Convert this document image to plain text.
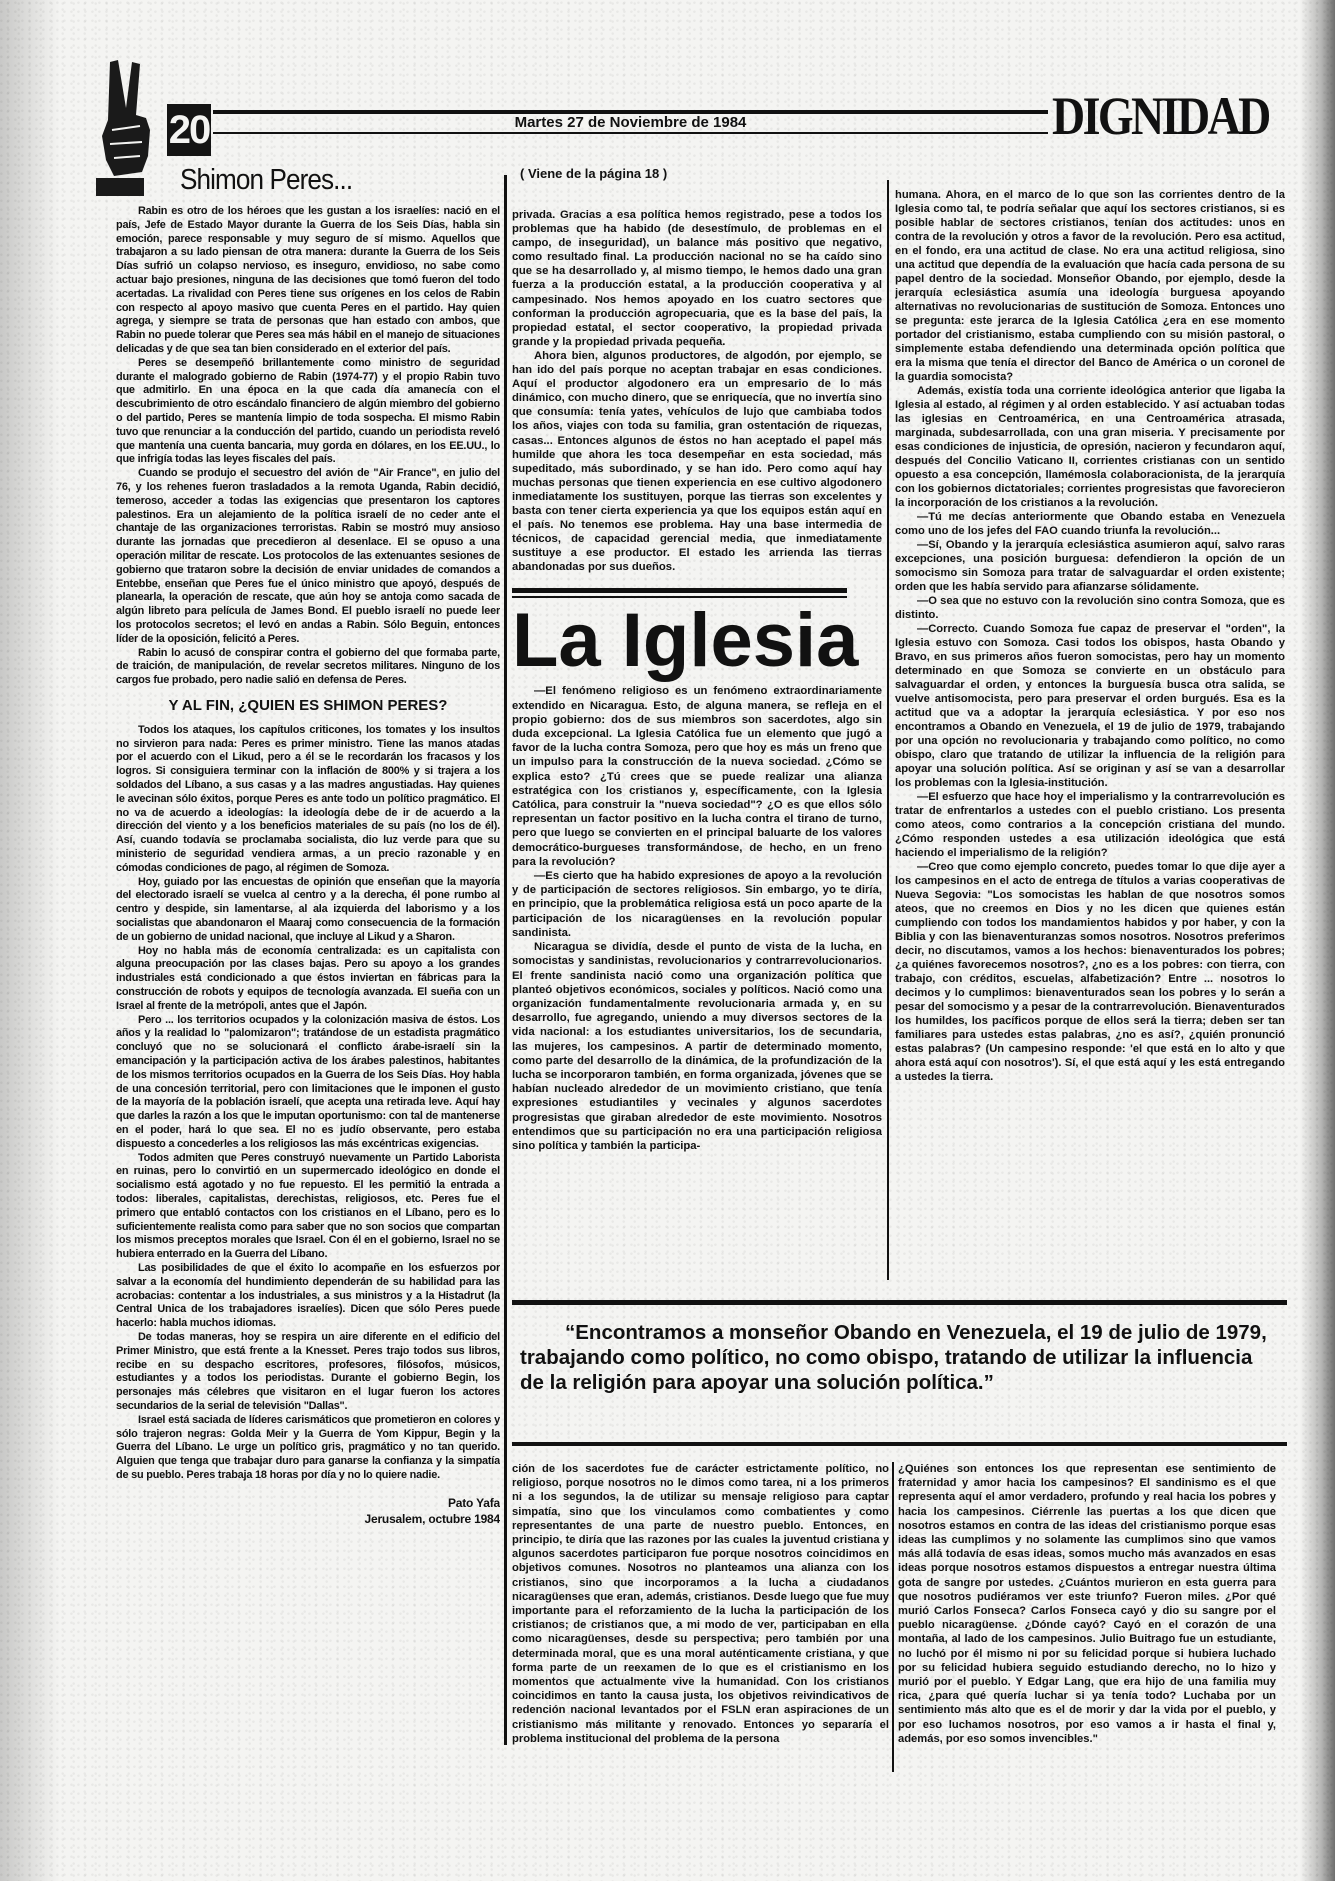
20	Martes 27 de Noviembre de 1984	DIGNIDAD
Shimon Peres...

Rabin es otro de los héroes que les gustan a los israelíes: nació en el país, Jefe de Estado Mayor durante la Guerra de los Seis Días, habla sin emoción, parece responsable y muy seguro de sí mismo. Aquellos que trabajaron a su lado piensan de otra manera: durante la Guerra de los Seis Días sufrió un colapso nervioso, es inseguro, envidioso, no sabe como actuar bajo presiones, ninguna de las decisiones que tomó fueron del todo acertadas. La rivalidad con Peres tiene sus orígenes en los celos de Rabin con respecto al apoyo masivo que cuenta Peres en el partido. Hay quien agrega, y siempre se trata de personas que han estado con ambos, que Rabin no puede tolerar que Peres sea más hábil en el manejo de situaciones delicadas y de que sea tan bien considerado en el exterior del país.

Peres se desempeñó brillantemente como ministro de seguridad durante el malogrado gobierno de Rabin (1974-77) y el propio Rabin tuvo que admitirlo. En una época en la que cada día amanecía con el descubrimiento de otro escándalo financiero de algún miembro del gobierno o del partido, Peres se mantenía limpio de toda sospecha. El mismo Rabin tuvo que renunciar a la conducción del partido, cuando un periodista reveló que mantenía una cuenta bancaria, muy gorda en dólares, en los EE.UU., lo que infrigía todas las leyes fiscales del país.

Cuando se produjo el secuestro del avión de "Air France", en julio del 76, y los rehenes fueron trasladados a la remota Uganda, Rabin decidió, temeroso, acceder a todas las exigencias que presentaron los captores palestinos. Era un alejamiento de la política israelí de no ceder ante el chantaje de las organizaciones terroristas. Rabin se mostró muy ansioso durante las jornadas que precedieron al desenlace. El se opuso a una operación militar de rescate. Los protocolos de las extenuantes sesiones de gobierno que trataron sobre la decisión de enviar unidades de comandos a Entebbe, enseñan que Peres fue el único ministro que apoyó, después de planearla, la operación de rescate, que aún hoy se antoja como sacada de algún libreto para película de James Bond. El pueblo israelí no puede leer los protocolos secretos; el levó en andas a Rabin. Sólo Beguin, entonces líder de la oposición, felicitó a Peres.

Rabin lo acusó de conspirar contra el gobierno del que formaba parte, de traición, de manipulación, de revelar secretos militares. Ninguno de los cargos fue probado, pero nadie salió en defensa de Peres.

Y AL FIN, ¿QUIEN ES SHIMON PERES?

Todos los ataques, los capítulos criticones, los tomates y los insultos no sirvieron para nada: Peres es primer ministro. Tiene las manos atadas por el acuerdo con el Likud, pero a él se le recordarán los fracasos y los logros. Si consiguiera terminar con la inflación de 800% y si trajera a los soldados del Líbano, a sus casas y a las madres angustiadas. Hay quienes le avecinan sólo éxitos, porque Peres es ante todo un político pragmático. El no va de acuerdo a ideologías: la ideología debe de ir de acuerdo a la dirección del viento y a los beneficios materiales de su país (no los de él). Así, cuando todavía se proclamaba socialista, dio luz verde para que su ministerio de seguridad vendiera armas, a un precio razonable y en cómodas condiciones de pago, al régimen de Somoza.

Hoy, guiado por las encuestas de opinión que enseñan que la mayoría del electorado israelí se vuelca al centro y a la derecha, él pone rumbo al centro y despide, sin lamentarse, al ala izquierda del laborismo y a los socialistas que abandonaron el Maaraj como consecuencia de la formación de un gobierno de unidad nacional, que incluye al Likud y a Sharon.

Hoy no habla más de economía centralizada: es un capitalista con alguna preocupación por las clases bajas. Pero su apoyo a los grandes industriales está condicionado a que éstos inviertan en fábricas para la construcción de robots y equipos de tecnología avanzada. El sueña con un Israel al frente de la metrópoli, antes que el Japón.

Pero ... los territorios ocupados y la colonización masiva de éstos. Los años y la realidad lo "palomizaron"; tratándose de un estadista pragmático concluyó que no se solucionará el conflicto árabe-israelí sin la emancipación y la participación activa de los árabes palestinos, habitantes de los mismos territorios ocupados en la Guerra de los Seis Días. Hoy habla de una concesión territorial, pero con limitaciones que le imponen el gusto de la mayoría de la población israelí, que acepta una retirada leve. Aquí hay que darles la razón a los que le imputan oportunismo: con tal de mantenerse en el poder, hará lo que sea. El no es judío observante, pero estaba dispuesto a concederles a los religiosos las más excéntricas exigencias.

Todos admiten que Peres construyó nuevamente un Partido Laborista en ruinas, pero lo convirtió en un supermercado ideológico en donde el socialismo está agotado y no fue repuesto. El les permitió la entrada a todos: liberales, capitalistas, derechistas, religiosos, etc. Peres fue el primero que entabló contactos con los cristianos en el Líbano, pero es lo suficientemente realista como para saber que no son socios que compartan los mismos preceptos morales que Israel. Con él en el gobierno, Israel no se hubiera enterrado en la Guerra del Líbano.

Las posibilidades de que el éxito lo acompañe en los esfuerzos por salvar a la economía del hundimiento dependerán de su habilidad para las acrobacias: contentar a los industriales, a sus ministros y a la Histadrut (la Central Unica de los trabajadores israelíes). Dicen que sólo Peres puede hacerlo: habla muchos idiomas.

De todas maneras, hoy se respira un aire diferente en el edificio del Primer Ministro, que está frente a la Knesset. Peres trajo todos sus libros, recibe en su despacho escritores, profesores, filósofos, músicos, estudiantes y a todos los periodistas. Durante el gobierno Begin, los personajes más célebres que visitaron en el lugar fueron los actores secundarios de la serial de televisión "Dallas".

Israel está saciada de líderes carismáticos que prometieron en colores y sólo trajeron negras: Golda Meir y la Guerra de Yom Kippur, Begin y la Guerra del Líbano. Le urge un político gris, pragmático y no tan querido. Alguien que tenga que trabajar duro para ganarse la confianza y la simpatía de su pueblo. Peres trabaja 18 horas por día y no lo quiere nadie.

Pato Yafa
Jerusalem, octubre 1984

( Viene de la página 18 )

privada. Gracias a esa política hemos registrado, pese a todos los problemas que ha habido (de desestímulo, de problemas en el campo, de inseguridad), un balance más positivo que negativo, como resultado final. La producción nacional no se ha caído sino que se ha desarrollado y, al mismo tiempo, le hemos dado una gran fuerza a la producción estatal, a la producción cooperativa y al campesinado. Nos hemos apoyado en los cuatro sectores que conforman la producción agropecuaria, que es la base del país, la propiedad estatal, el sector cooperativo, la propiedad privada grande y la propiedad privada pequeña.

Ahora bien, algunos productores, de algodón, por ejemplo, se han ido del país porque no aceptan trabajar en esas condiciones. Aquí el productor algodonero era un empresario de lo más dinámico, con mucho dinero, que se enriquecía, que no invertía sino que consumía: tenía yates, vehículos de lujo que cambiaba todos los años, viajes con toda su familia, gran ostentación de riquezas, casas... Entonces algunos de éstos no han aceptado el papel más humilde que ahora les toca desempeñar en esta sociedad, más supeditado, más subordinado, y se han ido. Pero como aquí hay muchas personas que tienen experiencia en ese cultivo algodonero inmediatamente los sustituyen, porque las tierras son excelentes y basta con tener cierta experiencia ya que los equipos están aquí en el país. No tenemos ese problema. Hay una base intermedia de técnicos, de capacidad gerencial media, que inmediatamente sustituye a ese productor. El estado les arrienda las tierras abandonadas por sus dueños.

La Iglesia

—El fenómeno religioso es un fenómeno extraordinariamente extendido en Nicaragua. Esto, de alguna manera, se refleja en el propio gobierno: dos de sus miembros son sacerdotes, algo sin duda excepcional. La Iglesia Católica fue un elemento que jugó a favor de la lucha contra Somoza, pero que hoy es más un freno que un impulso para la construcción de la nueva sociedad. ¿Cómo se explica esto? ¿Tú crees que se puede realizar una alianza estratégica con los cristianos y, específicamente, con la Iglesia Católica, para construir la "nueva sociedad"? ¿O es que ellos sólo representan un factor positivo en la lucha contra el tirano de turno, pero que luego se convierten en el principal baluarte de los valores democrático-burgueses transformándose, de hecho, en un freno para la revolución?

—Es cierto que ha habido expresiones de apoyo a la revolución y de participación de sectores religiosos. Sin embargo, yo te diría, en principio, que la problemática religiosa está un poco aparte de la participación de los nicaragüenses en la revolución popular sandinista.

Nicaragua se dividía, desde el punto de vista de la lucha, en somocistas y sandinistas, revolucionarios y contrarrevolucionarios. El frente sandinista nació como una organización política que planteó objetivos económicos, sociales y políticos. Nació como una organización fundamentalmente revolucionaria armada y, en su desarrollo, fue agregando, uniendo a muy diversos sectores de la vida nacional: a los estudiantes universitarios, los de secundaria, las mujeres, los campesinos. A partir de determinado momento, como parte del desarrollo de la dinámica, de la profundización de la lucha se incorporaron también, en forma organizada, jóvenes que se habían nucleado alrededor de un movimiento cristiano, que tenía expresiones estudiantiles y vecinales y algunos sacerdotes progresistas que giraban alrededor de este movimiento. Nosotros entendimos que su participación no era una participación religiosa sino política y también la participa-

humana. Ahora, en el marco de lo que son las corrientes dentro de la Iglesia como tal, te podría señalar que aquí los sectores cristianos, si es posible hablar de sectores cristianos, tenían dos actitudes: unos en contra de la revolución y otros a favor de la revolución. Pero esa actitud, en el fondo, era una actitud de clase. No era una actitud religiosa, sino una actitud que dependía de la evaluación que hacía cada persona de su papel dentro de la sociedad. Monseñor Obando, por ejemplo, desde la jerarquía eclesiástica asumía una ideología burguesa apoyando alternativas no revolucionarias de sustitución de Somoza. Entonces uno se pregunta: este jerarca de la Iglesia Católica ¿era en ese momento portador del cristianismo, estaba cumpliendo con su misión pastoral, o simplemente estaba defendiendo una determinada opción política que era la misma que tenía el director del Banco de América o un coronel de la guardia somocista?

Además, existía toda una corriente ideológica anterior que ligaba la Iglesia al estado, al régimen y al orden establecido. Y así actuaban todas las iglesias en Centroamérica, en una Centroamérica atrasada, marginada, subdesarrollada, con una gran miseria. Y precisamente por esas condiciones de injusticia, de opresión, nacieron y fecundaron aquí, después del Concilio Vaticano II, corrientes cristianas con un sentido opuesto a esa concepción, llamémosla colaboracionista, de la jerarquía con los gobiernos dictatoriales; corrientes progresistas que favorecieron la incorporación de los cristianos a la revolución.

—Tú me decías anteriormente que Obando estaba en Venezuela como uno de los jefes del FAO cuando triunfa la revolución...

—Sí, Obando y la jerarquía eclesiástica asumieron aquí, salvo raras excepciones, una posición burguesa: defendieron la opción de un somocismo sin Somoza para tratar de salvaguardar el orden existente; orden que les había servido para afianzarse sólidamente.

—O sea que no estuvo con la revolución sino contra Somoza, que es distinto.

—Correcto. Cuando Somoza fue capaz de preservar el "orden", la Iglesia estuvo con Somoza. Casi todos los obispos, hasta Obando y Bravo, en sus primeros años fueron somocistas, pero hay un momento determinado en que Somoza se convierte en un obstáculo para salvaguardar el orden, y entonces la burguesía busca otra salida, se vuelve antisomocista, pero para preservar el orden burgués. Esa es la actitud que va a adoptar la jerarquía eclesiástica. Y por eso nos encontramos a Obando en Venezuela, el 19 de julio de 1979, trabajando por una opción no revolucionaria y trabajando como político, no como obispo, claro que tratando de utilizar la influencia de la religión para apoyar una solución política. Así se originan y así se van a desarrollar los problemas con la Iglesia-institución.

—El esfuerzo que hace hoy el imperialismo y la contrarrevolución es tratar de enfrentarlos a ustedes con el pueblo cristiano. Los presenta como ateos, como contrarios a la concepción cristiana del mundo. ¿Cómo responden ustedes a esa utilización ideológica que está haciendo el imperialismo de la religión?

—Creo que como ejemplo concreto, puedes tomar lo que dije ayer a los campesinos en el acto de entrega de títulos a varias cooperativas de Nueva Segovia: "Los somocistas les hablan de que nosotros somos ateos, que no creemos en Dios y no les dicen que quienes están cumpliendo con todos los mandamientos habidos y por haber, y con la Biblia y con las bienaventuranzas somos nosotros. Nosotros preferimos decir, no discutamos, vamos a los hechos: bienaventurados los pobres; ¿a quiénes favorecemos nosotros?, ¿no es a los pobres: con tierra, con trabajo, con créditos, escuelas, alfabetización? Entre ... nosotros lo decimos y lo cumplimos: bienaventurados sean los pobres y lo serán a pesar del somocismo y a pesar de la contrarrevolución. Bienaventurados los humildes, los pacíficos porque de ellos será la tierra; deben ser tan familiares para ustedes estas palabras, ¿no es así?, ¿quién pronunció estas palabras? (Un campesino responde: 'el que está en lo alto y que ahora está aquí con nosotros'). Sí, el que está aquí y les está entregando a ustedes la tierra.

“Encontramos a monseñor Obando en Venezuela, el 19 de julio de 1979, trabajando como político, no como obispo, tratando de utilizar la influencia de la religión para apoyar una solución política.”

ción de los sacerdotes fue de carácter estrictamente político, no religioso, porque nosotros no le dimos como tarea, ni a los primeros ni a los segundos, la de utilizar su mensaje religioso para captar simpatía, sino que los vinculamos como combatientes y como representantes de una parte de nuestro pueblo. Entonces, en principio, te diría que las razones por las cuales la juventud cristiana y algunos sacerdotes participaron fue porque nosotros coincidimos en objetivos comunes. Nosotros no planteamos una alianza con los cristianos, sino que incorporamos a la lucha a ciudadanos nicaragüenses que eran, además, cristianos. Desde luego que fue muy importante para el reforzamiento de la lucha la participación de los cristianos; de cristianos que, a mi modo de ver, participaban en ella como nicaragüenses, desde su perspectiva; pero también por una determinada moral, que es una moral auténticamente cristiana, y que forma parte de un reexamen de lo que es el cristianismo en los momentos que actualmente vive la humanidad. Con los cristianos coincidimos en tanto la causa justa, los objetivos reivindicativos de redención nacional levantados por el FSLN eran aspiraciones de un cristianismo más militante y renovado. Entonces yo separaría el problema institucional del problema de la persona

¿Quiénes son entonces los que representan ese sentimiento de fraternidad y amor hacia los campesinos? El sandinismo es el que representa aquí el amor verdadero, profundo y real hacia los pobres y hacia los campesinos. Ciérrenle las puertas a los que dicen que nosotros estamos en contra de las ideas del cristianismo porque esas ideas las cumplimos y no solamente las cumplimos sino que vamos más allá todavía de esas ideas, somos mucho más avanzados en esas ideas porque nosotros estamos dispuestos a entregar nuestra última gota de sangre por ustedes. ¿Cuántos murieron en esta guerra para que nosotros pudiéramos ver este triunfo? Fueron miles. ¿Por qué murió Carlos Fonseca? Carlos Fonseca cayó y dio su sangre por el pueblo nicaragüense. ¿Dónde cayó? Cayó en el corazón de una montaña, al lado de los campesinos. Julio Buitrago fue un estudiante, no luchó por él mismo ni por su felicidad porque si hubiera luchado por su felicidad hubiera seguido estudiando derecho, no lo hizo y murió por el pueblo. Y Edgar Lang, que era hijo de una familia muy rica, ¿para qué quería luchar si ya tenía todo? Luchaba por un sentimiento más alto que es el de morir y dar la vida por el pueblo, y por eso luchamos nosotros, por eso vamos a ir hasta el final y, además, por eso somos invencibles."
